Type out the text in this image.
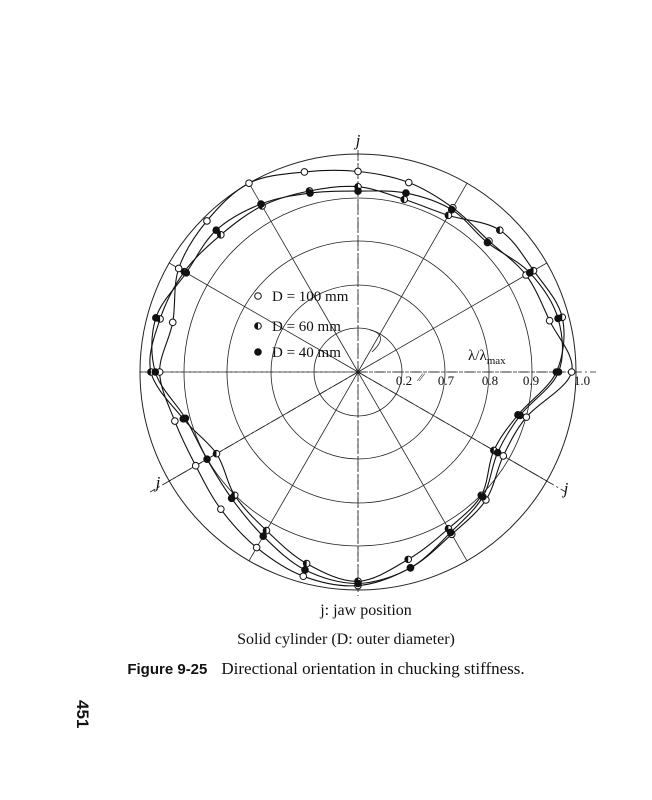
D = 100 mm
D = 60 mm
D = 40 mm
0.2 0.7 0.8 0.9	1.0
⁄⁄
$\lambda/\lambda_{max}$
j
j	j
j: jaw position
Solid cylinder (D: outer diameter)
Figure 9-25 Directional orientation in chucking stiffness.
451
